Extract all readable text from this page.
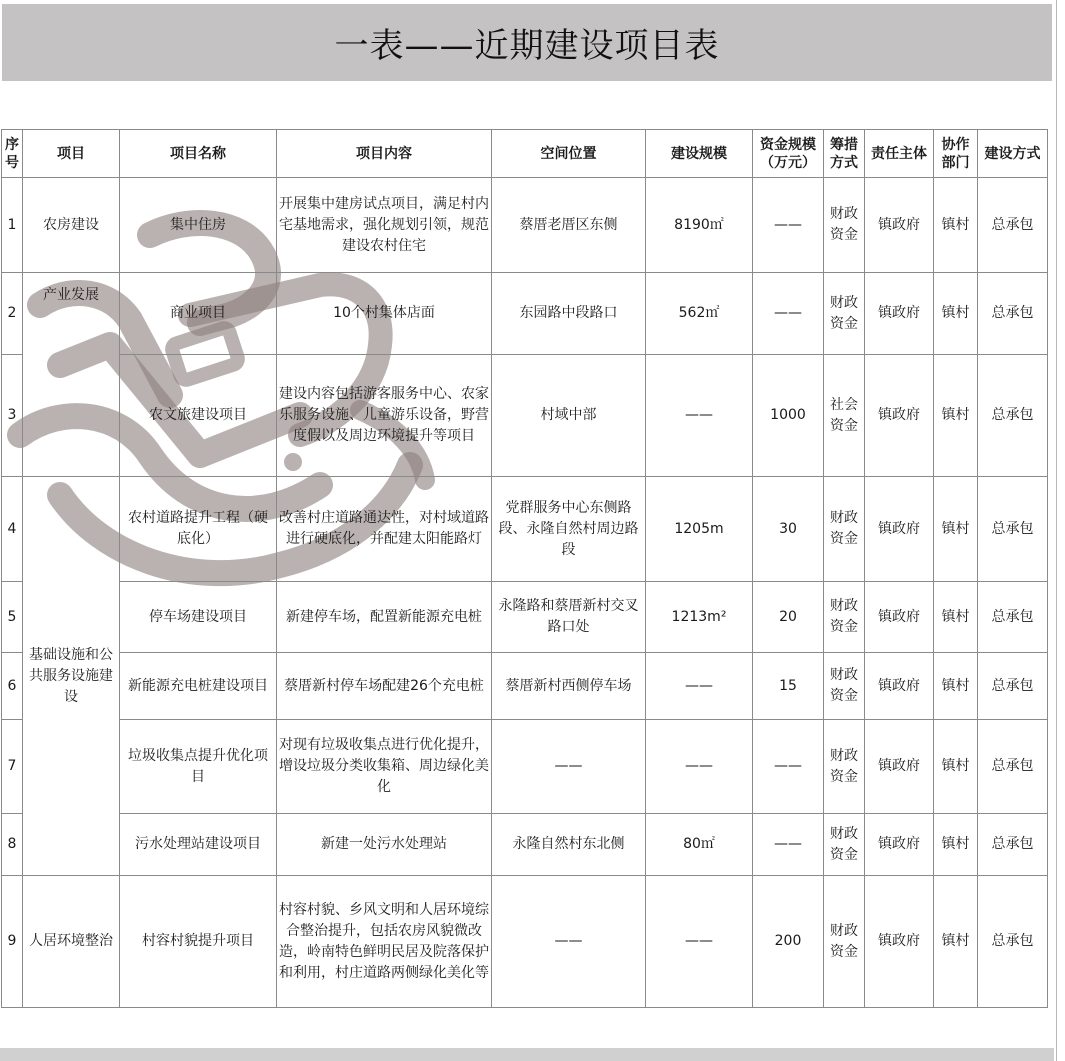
一表——近期建设项目表
序号	项目	项目名称	项目内容	空间位置	建设规模	资金规模（万元）	筹措方式	责任主体	协作部门	建设方式
1	农房建设	集中住房	开展集中建房试点项目，满足村内宅基地需求，强化规划引领，规范建设农村住宅	蔡厝老厝区东侧	8190㎡	——	财政资金	镇政府	镇村	总承包
2	产业发展	商业项目	10个村集体店面	东园路中段路口	562㎡	——	财政资金	镇政府	镇村	总承包
3		农文旅建设项目	建设内容包括游客服务中心、农家乐服务设施、儿童游乐设备，野营度假以及周边环境提升等项目	村域中部	——	1000	社会资金	镇政府	镇村	总承包
4	基础设施和公共服务设施建设	农村道路提升工程（硬底化）	改善村庄道路通达性，对村域道路进行硬底化，并配建太阳能路灯	党群服务中心东侧路段、永隆自然村周边路段	1205m	30	财政资金	镇政府	镇村	总承包
5		停车场建设项目	新建停车场，配置新能源充电桩	永隆路和蔡厝新村交叉路口处	1213m²	20	财政资金	镇政府	镇村	总承包
6		新能源充电桩建设项目	蔡厝新村停车场配建26个充电桩	蔡厝新村西侧停车场	——	15	财政资金	镇政府	镇村	总承包
7		垃圾收集点提升优化项目	对现有垃圾收集点进行优化提升，增设垃圾分类收集箱、周边绿化美化	——	——	——	财政资金	镇政府	镇村	总承包
8		污水处理站建设项目	新建一处污水处理站	永隆自然村东北侧	80㎡	——	财政资金	镇政府	镇村	总承包
9	人居环境整治	村容村貌提升项目	村容村貌、乡风文明和人居环境综合整治提升，包括农房风貌微改造，岭南特色鲜明民居及院落保护和利用，村庄道路两侧绿化美化等	——	——	200	财政资金	镇政府	镇村	总承包
